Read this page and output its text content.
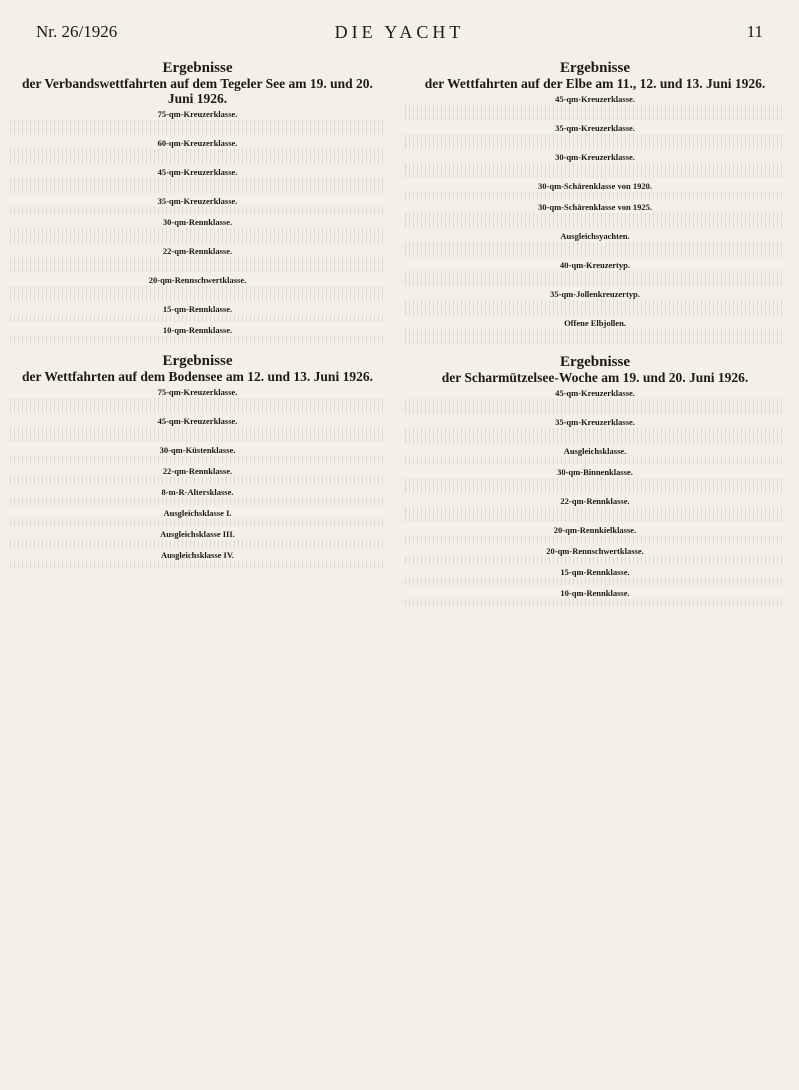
Nr. 26/1926	DIE YACHT	11
Ergebnisse
der Verbandswettfahrten auf dem Tegeler See am 19. und 20. Juni 1926.
75-qm-Kreuzerklasse.
60-qm-Kreuzerklasse.
45-qm-Kreuzerklasse.
35-qm-Kreuzerklasse.
30-qm-Rennklasse.
22-qm-Rennklasse.
20-qm-Rennschwertklasse.
15-qm-Rennklasse.
10-qm-Rennklasse.
Ergebnisse
der Wettfahrten auf dem Bodensee am 12. und 13. Juni 1926.
75-qm-Kreuzerklasse.
45-qm-Kreuzerklasse.
30-qm-Küstenklasse.
22-qm-Rennklasse.
8-m-R-Altersklasse.
Ausgleichsklasse I.
Ausgleichsklasse III.
Ausgleichsklasse IV.
Ergebnisse
der Wettfahrten auf der Elbe am 11., 12. und 13. Juni 1926.
45-qm-Kreuzerklasse.
35-qm-Kreuzerklasse.
30-qm-Kreuzerklasse.
30-qm-Schärenklasse von 1920.
30-qm-Schärenklasse von 1925.
Ausgleichsyachten.
40-qm-Kreuzertyp.
35-qm-Jollenkreuzertyp.
Offene Elbjollen.
Ergebnisse
der Scharmützelsee-Woche am 19. und 20. Juni 1926.
45-qm-Kreuzerklasse.
35-qm-Kreuzerklasse.
Ausgleichsklasse.
30-qm-Binnenklasse.
22-qm-Rennklasse.
20-qm-Rennkielklasse.
20-qm-Rennschwertklasse.
15-qm-Rennklasse.
10-qm-Rennklasse.
